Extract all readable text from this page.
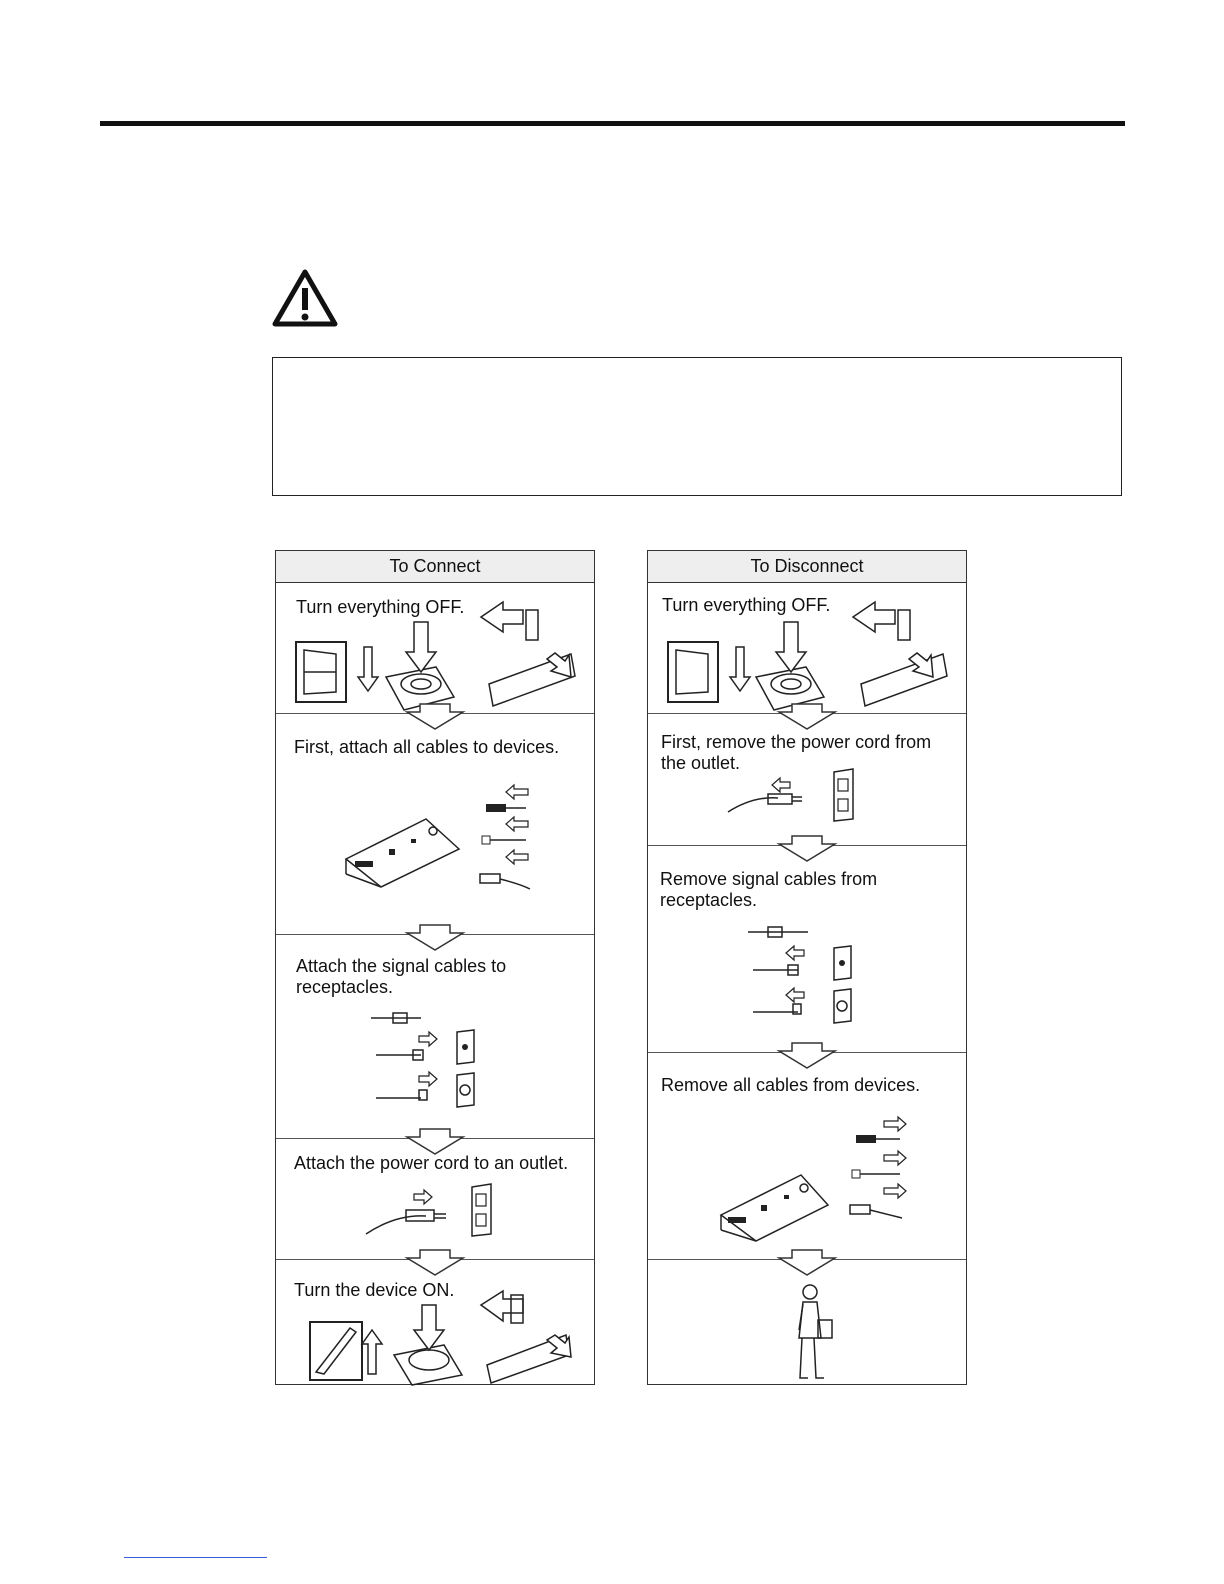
To Connect
Turn everything OFF.
First, attach all cables to devices.
Attach the signal cables to receptacles.
Attach the power cord to an outlet.
Turn the device ON.
To Disconnect
Turn everything OFF.
First, remove the power cord from the outlet.
Remove signal cables from receptacles.
Remove all cables from devices.
